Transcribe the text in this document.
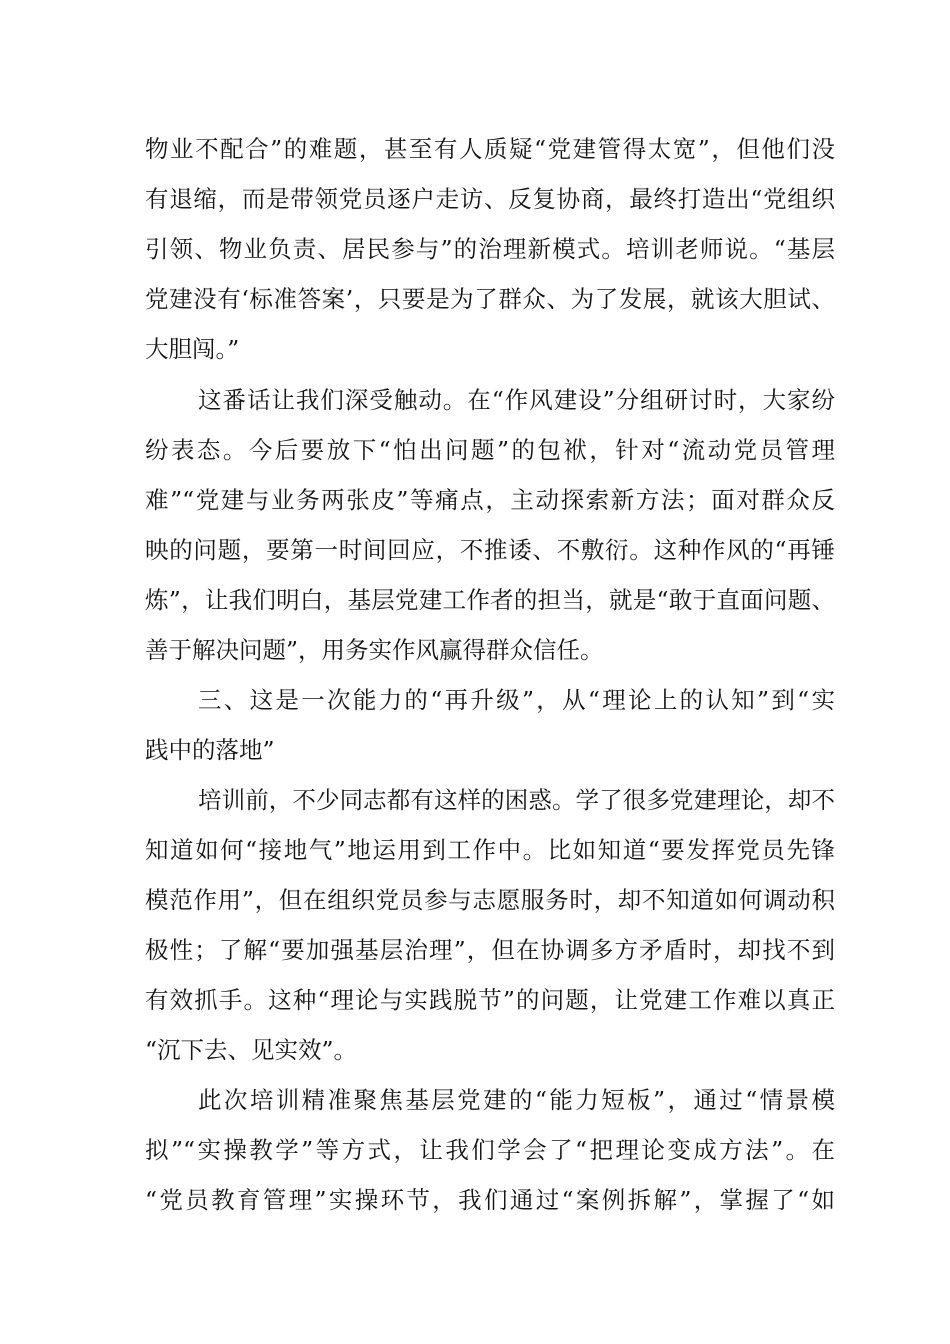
物业不配合”的难题，甚至有人质疑“党建管得太宽”，但他们没
有退缩，而是带领党员逐户走访、反复协商，最终打造出“党组织
引领、物业负责、居民参与”的治理新模式。培训老师说。“基层
党建没有‘标准答案’，只要是为了群众、为了发展，就该大胆试、
大胆闯。”
这番话让我们深受触动。在“作风建设”分组研讨时，大家纷
纷表态。今后要放下“怕出问题”的包袱，针对“流动党员管理
难”“党建与业务两张皮”等痛点，主动探索新方法；面对群众反
映的问题，要第一时间回应，不推诿、不敷衍。这种作风的“再锤
炼”，让我们明白，基层党建工作者的担当，就是“敢于直面问题、
善于解决问题”，用务实作风赢得群众信任。
三、这是一次能力的“再升级”，从“理论上的认知”到“实
践中的落地”
培训前，不少同志都有这样的困惑。学了很多党建理论，却不
知道如何“接地气”地运用到工作中。比如知道“要发挥党员先锋
模范作用”，但在组织党员参与志愿服务时，却不知道如何调动积
极性；了解“要加强基层治理”，但在协调多方矛盾时，却找不到
有效抓手。这种“理论与实践脱节”的问题，让党建工作难以真正
“沉下去、见实效”。
此次培训精准聚焦基层党建的“能力短板”，通过“情景模
拟”“实操教学”等方式，让我们学会了“把理论变成方法”。在
“党员教育管理”实操环节，我们通过“案例拆解”，掌握了“如
